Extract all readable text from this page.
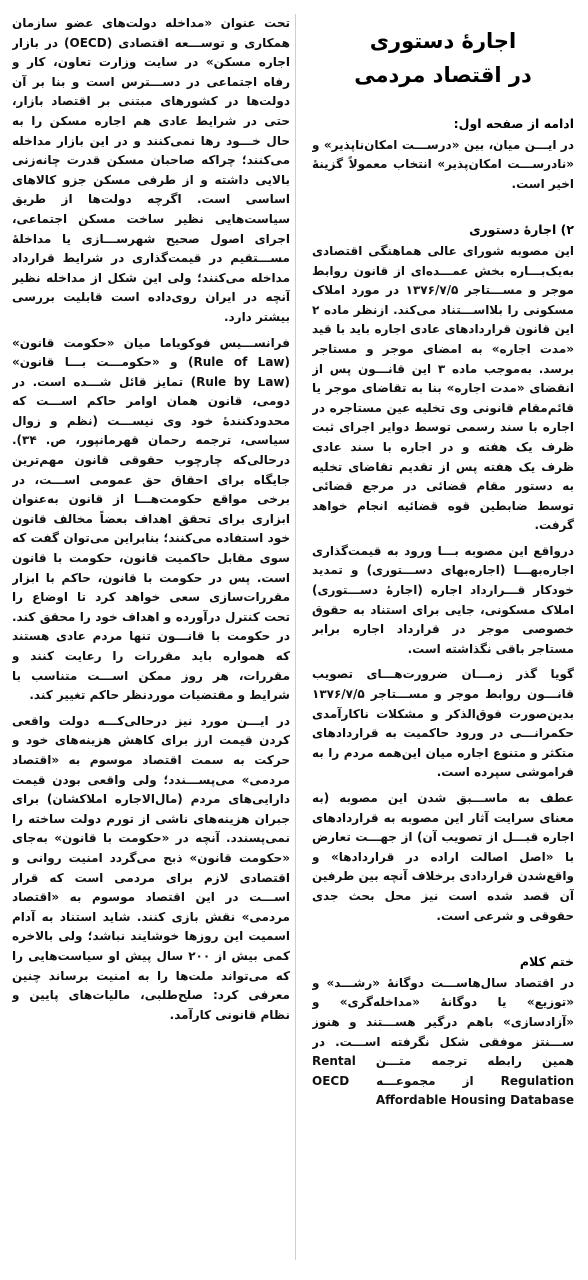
اجارهٔ دستوری
در اقتصاد مردمی
ادامه از صفحه اول:

در ایـــن میان، بین «درســـت امکان‌ناپذیر» و «نادرســـت امکان‌پذیر» انتخاب معمولاً گزینهٔ اخیر است.

۲) اجارهٔ دستوری

این مصوبه شورای عالی هماهنگی اقتصادی به‌یک‌بـــاره بخش عمـــده‌ای از قانون روابط موجر و مســـتاجر ۱۳۷۶/۷/۵ در مورد املاک مسکونی را بلااســـتناد می‌کند. ازنظر ماده ۲ این قانون قراردادهای عادی اجاره باید با قید «مدت اجاره» به امضای موجر و مستاجر برسد. به‌موجب ماده ۳ این قانـــون پس از انقضای «مدت اجاره» بنا به تقاضای موجر یا قائم‌مقام قانونی وی تخلیه عین مستاجره در اجاره با سند رسمی توسط دوایر اجرای ثبت ظرف یک هفته و در اجاره با سند عادی ظرف یک هفته پس از تقدیم تقاضای تخلیه به دستور مقام قضائی در مرجع قضائی توسط ضابطین قوه قضائیه انجام خواهد گرفت.

درواقع این مصوبه بـــا ورود به قیمت‌گذاری اجاره‌بهـــا (اجاره‌بهای دســـتوری) و تمدید خودکار قـــرارداد اجاره (اجارهٔ دســـتوری) املاک مسکونی، جایی برای استناد به حقوق خصوصی موجر در قرارداد اجاره برابر مستاجر باقی نگذاشته است.

گویا گذر زمـــان ضرورت‌هـــای تصویب قانـــون روابط موجر و مســـتاجر ۱۳۷۶/۷/۵ بدین‌صورت فوق‌الذکر و مشکلات ناکارآمدی حکمرانـــی در ورود حاکمیت به قراردادهای متکثر و متنوع اجاره میان این‌همه مردم را به فراموشی سپرده است.

عطف به ماســـبق شدن این مصوبه (به معنای سرایت آثار این مصوبه به قراردادهای اجاره قبـــل از تصویب آن) از جهـــت تعارض با «اصل اصالت اراده در قراردادها» و واقع‌شدن قراردادی برخلاف آنچه بین طرفین آن قصد شده است نیز محل بحث جدی حقوقی و شرعی است.

ختم کلام

در اقتصاد سال‌هاســـت دوگانهٔ «رشـــد» و «توزیع» یا دوگانهٔ «مداخله‌گری» و «آزادسازی» باهم درگیر هســـتند و هنوز ســـنتز موفقی شکل نگرفته اســـت. در همین رابطه ترجمه متـــن Rental Regulation از مجموعـــه OECD Affordable Housing Database

تحت عنوان «مداخله دولت‌های عضو سازمان همکاری و توســـعه اقتصادی (OECD) در بازار اجاره مسکن» در سایت وزارت تعاون، کار و رفاه اجتماعی در دســـترس است و بنا بر آن دولت‌ها در کشورهای مبتنی بر اقتصاد بازار، حتی در شرایط عادی هم اجاره مسکن را به حال خـــود رها نمی‌کنند و در این بازار مداخله می‌کنند؛ چراکه صاحبان مسکن قدرت چانه‌زنی بالایی داشته و از طرفی مسکن جزو کالاهای اساسی است. اگرچه دولت‌ها از طریق سیاست‌هایی نظیر ساخت مسکن اجتماعی، اجرای اصول صحیح شهرســـازی یا مداخلهٔ مســـتقیم در قیمت‌گذاری در شرایط قرارداد مداخله می‌کنند؛ ولی این شکل از مداخله نظیر آنچه در ایران روی‌داده است قابلیت بررسی بیشتر دارد.

فرانســـیس فوکویاما میان «حکومت قانون» (Rule of Law) و «حکومـــت بـــا قانون» (Rule by Law) تمایز قائل شـــده است. در دومی، قانون همان اوامر حاکم اســـت که محدودکنندهٔ خود وی نیســـت (نظم و زوال سیاسی، ترجمه رحمان قهرمانپور، ص. ۳۴). درحالی‌که چارچوب حقوقی قانون مهم‌ترین جایگاه برای احقاق حق عمومی اســـت، در برخی مواقع حکومت‌هـــا از قانون به‌عنوان ابزاری برای تحقق اهداف بعضاً مخالف قانون خود استفاده می‌کنند؛ بنابراین می‌توان گفت که سوی مقابل حاکمیت قانون، حکومت با قانون است. پس در حکومت با قانون، حاکم با ابزار مقررات‌سازی سعی خواهد کرد تا اوضاع را تحت کنترل درآورده و اهداف خود را محقق کند. در حکومت با قانـــون تنها مردم عادی هستند که همواره باید مقررات را رعایت کنند و مقررات، هر روز ممکن اســـت متناسب با شرایط و مقتضیات موردنظر حاکم تغییر کند.

در ایـــن مورد نیز درحالی‌کـــه دولت واقعی کردن قیمت ارز برای کاهش هزینه‌های خود و حرکت به سمت اقتصاد موسوم به «اقتصاد مردمی» می‌پســـندد؛ ولی واقعی بودن قیمت دارایی‌های مردم (مال‌الاجاره املاکشان) برای جبران هزینه‌های ناشی از تورم دولت ساخته را نمی‌پسندد. آنچه در «حکومت با قانون» به‌جای «حکومت قانون» ذبح می‌گردد امنیت روانی و اقتصادی لازم برای مردمی است که قرار اســـت در این اقتصاد موسوم به «اقتصاد مردمی» نقش بازی کنند. شاید استناد به آدام اسمیت این روزها خوشایند نباشد؛ ولی بالاخره کمی بیش از ۲۰۰ سال پیش او سیاست‌هایی را که می‌تواند ملت‌ها را به امنیت برساند چنین معرفی کرد: صلح‌طلبی، مالیات‌های پایین و نظام قانونی کارآمد.
